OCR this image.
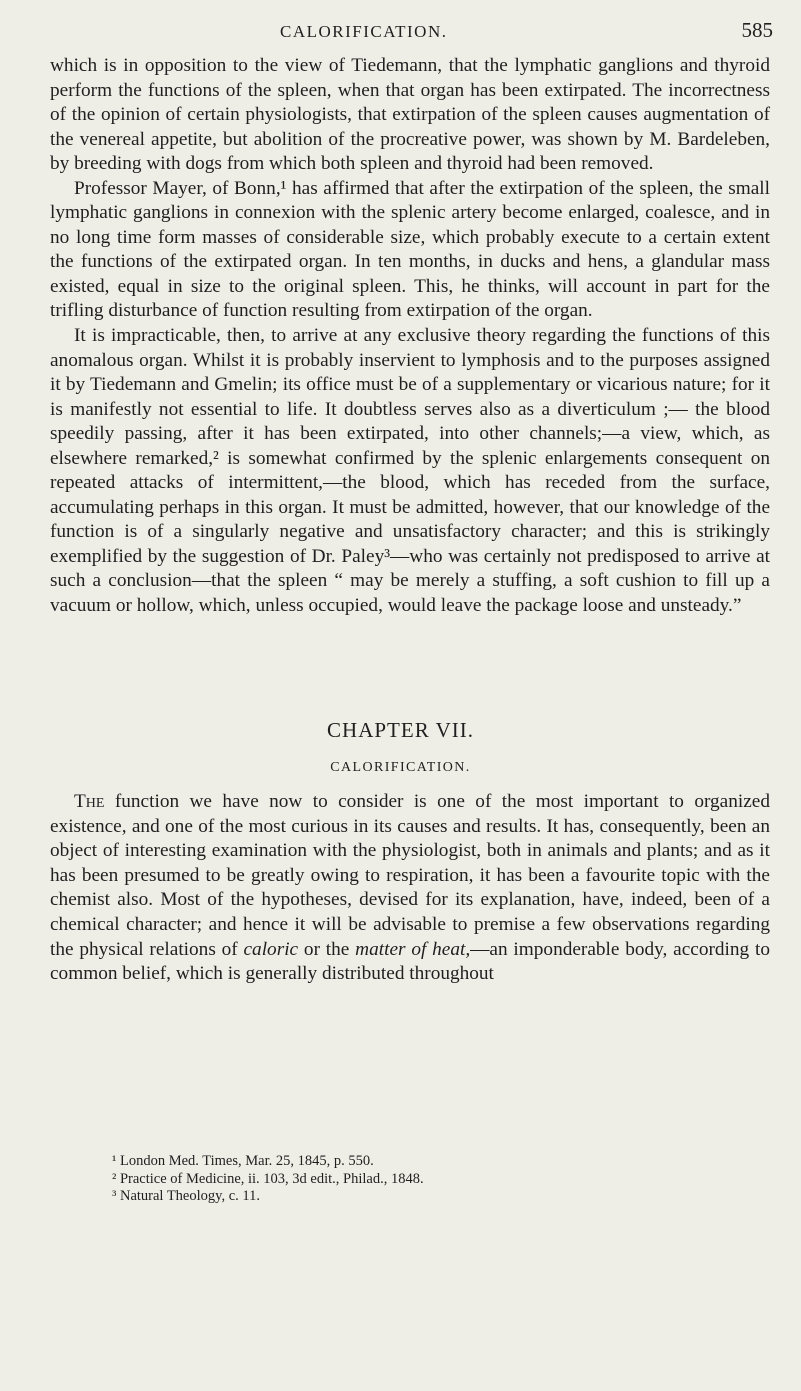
CALORIFICATION.	585

which is in opposition to the view of Tiedemann, that the lymphatic ganglions and thyroid perform the functions of the spleen, when that organ has been extirpated. The incorrectness of the opinion of certain physiologists, that extirpation of the spleen causes augmentation of the venereal appetite, but abolition of the procreative power, was shown by M. Bardeleben, by breeding with dogs from which both spleen and thyroid had been removed.

Professor Mayer, of Bonn,¹ has affirmed that after the extirpation of the spleen, the small lymphatic ganglions in connexion with the splenic artery become enlarged, coalesce, and in no long time form masses of considerable size, which probably execute to a certain extent the functions of the extirpated organ. In ten months, in ducks and hens, a glandular mass existed, equal in size to the original spleen. This, he thinks, will account in part for the trifling disturbance of function resulting from extirpation of the organ.

It is impracticable, then, to arrive at any exclusive theory regarding the functions of this anomalous organ. Whilst it is probably inservient to lymphosis and to the purposes assigned it by Tiedemann and Gmelin; its office must be of a supplementary or vicarious nature; for it is manifestly not essential to life. It doubtless serves also as a diverticulum ;— the blood speedily passing, after it has been extirpated, into other channels;—a view, which, as elsewhere remarked,² is somewhat confirmed by the splenic enlargements consequent on repeated attacks of intermittent,—the blood, which has receded from the surface, accumulating perhaps in this organ. It must be admitted, however, that our knowledge of the function is of a singularly negative and unsatisfactory character; and this is strikingly exemplified by the suggestion of Dr. Paley³—who was certainly not predisposed to arrive at such a conclusion—that the spleen “ may be merely a stuffing, a soft cushion to fill up a vacuum or hollow, which, unless occupied, would leave the package loose and unsteady.”

CHAPTER VII.
CALORIFICATION.

The function we have now to consider is one of the most important to organized existence, and one of the most curious in its causes and results. It has, consequently, been an object of interesting examination with the physiologist, both in animals and plants; and as it has been presumed to be greatly owing to respiration, it has been a favourite topic with the chemist also. Most of the hypotheses, devised for its explanation, have, indeed, been of a chemical character; and hence it will be advisable to premise a few observations regarding the physical relations of caloric or the matter of heat,—an imponderable body, according to common belief, which is generally distributed throughout

¹ London Med. Times, Mar. 25, 1845, p. 550.

² Practice of Medicine, ii. 103, 3d edit., Philad., 1848.

³ Natural Theology, c. 11.
